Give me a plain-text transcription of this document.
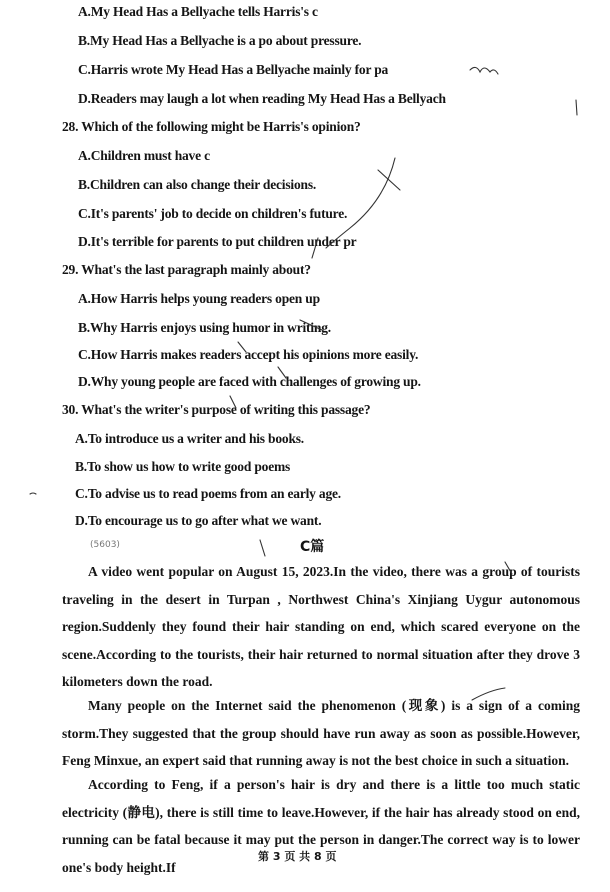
A.My Head Has a Bellyache tells Harris's c
B.My Head Has a Bellyache is a po about pressure.
C.Harris wrote My Head Has a Bellyache mainly for pa
D.Readers may laugh a lot when reading My Head Has a Bellyach
28. Which of the following might be Harris's opinion?
A.Children must have c
B.Children can also change their decisions.
C.It's parents' job to decide on children's future.
D.It's terrible for parents to put children under pr
29. What's the last paragraph mainly about?
A.How Harris helps young readers open up
B.Why Harris enjoys using humor in writing.
C.How Harris makes readers accept his opinions more easily.
D.Why young people are faced with challenges of growing up.
30. What's the writer's purpose of writing this passage?
A.To introduce us a writer and his books.
B.To show us how to write good poems
C.To advise us to read poems from an early age.
D.To encourage us to go after what we want.
(5603)	C篇
A video went popular on August 15, 2023.In the video, there was a group of tourists traveling in the desert in Turpan , Northwest China's Xinjiang Uygur autonomous region.Suddenly they found their hair standing on end, which scared everyone on the scene.According to the tourists, their hair returned to normal situation after they drove 3 kilometers down the road.
Many people on the Internet said the phenomenon (现象) is a sign of a coming storm.They suggested that the group should have run away as soon as possible.However, Feng Minxue, an expert said that running away is not the best choice in such a situation.
According to Feng, if a person's hair is dry and there is a little too much static electricity (静电), there is still time to leave.However, if the hair has already stood on end, running can be fatal because it may put the person in danger.The correct way is to lower one's body height.If
第 3 页 共 8 页
